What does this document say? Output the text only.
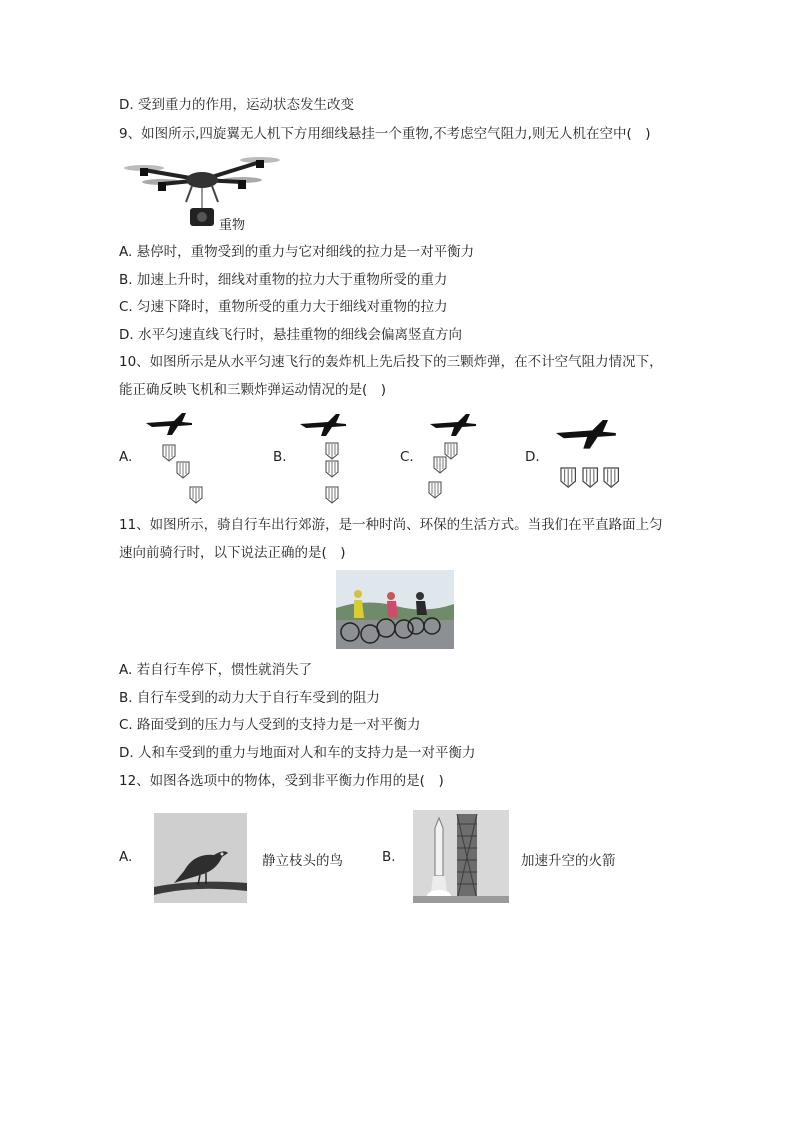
D. 受到重力的作用，运动状态发生改变
9、如图所示,四旋翼无人机下方用细线悬挂一个重物,不考虑空气阻力,则无人机在空中(　)
重物
A. 悬停时，重物受到的重力与它对细线的拉力是一对平衡力
B. 加速上升时，细线对重物的拉力大于重物所受的重力
C. 匀速下降时，重物所受的重力大于细线对重物的拉力
D. 水平匀速直线飞行时，悬挂重物的细线会偏离竖直方向
10、如图所示是从水平匀速飞行的轰炸机上先后投下的三颗炸弹，在不计空气阻力情况下，
能正确反映飞机和三颗炸弹运动情况的是(　)
A.	B.	C.	D.
11、如图所示，骑自行车出行郊游，是一种时尚、环保的生活方式。当我们在平直路面上匀
速向前骑行时，以下说法正确的是(　)
A. 若自行车停下，惯性就消失了
B. 自行车受到的动力大于自行车受到的阻力
C. 路面受到的压力与人受到的支持力是一对平衡力
D. 人和车受到的重力与地面对人和车的支持力是一对平衡力
12、如图各选项中的物体，受到非平衡力作用的是(　)
A.	静立枝头的鸟	B.	加速升空的火箭
